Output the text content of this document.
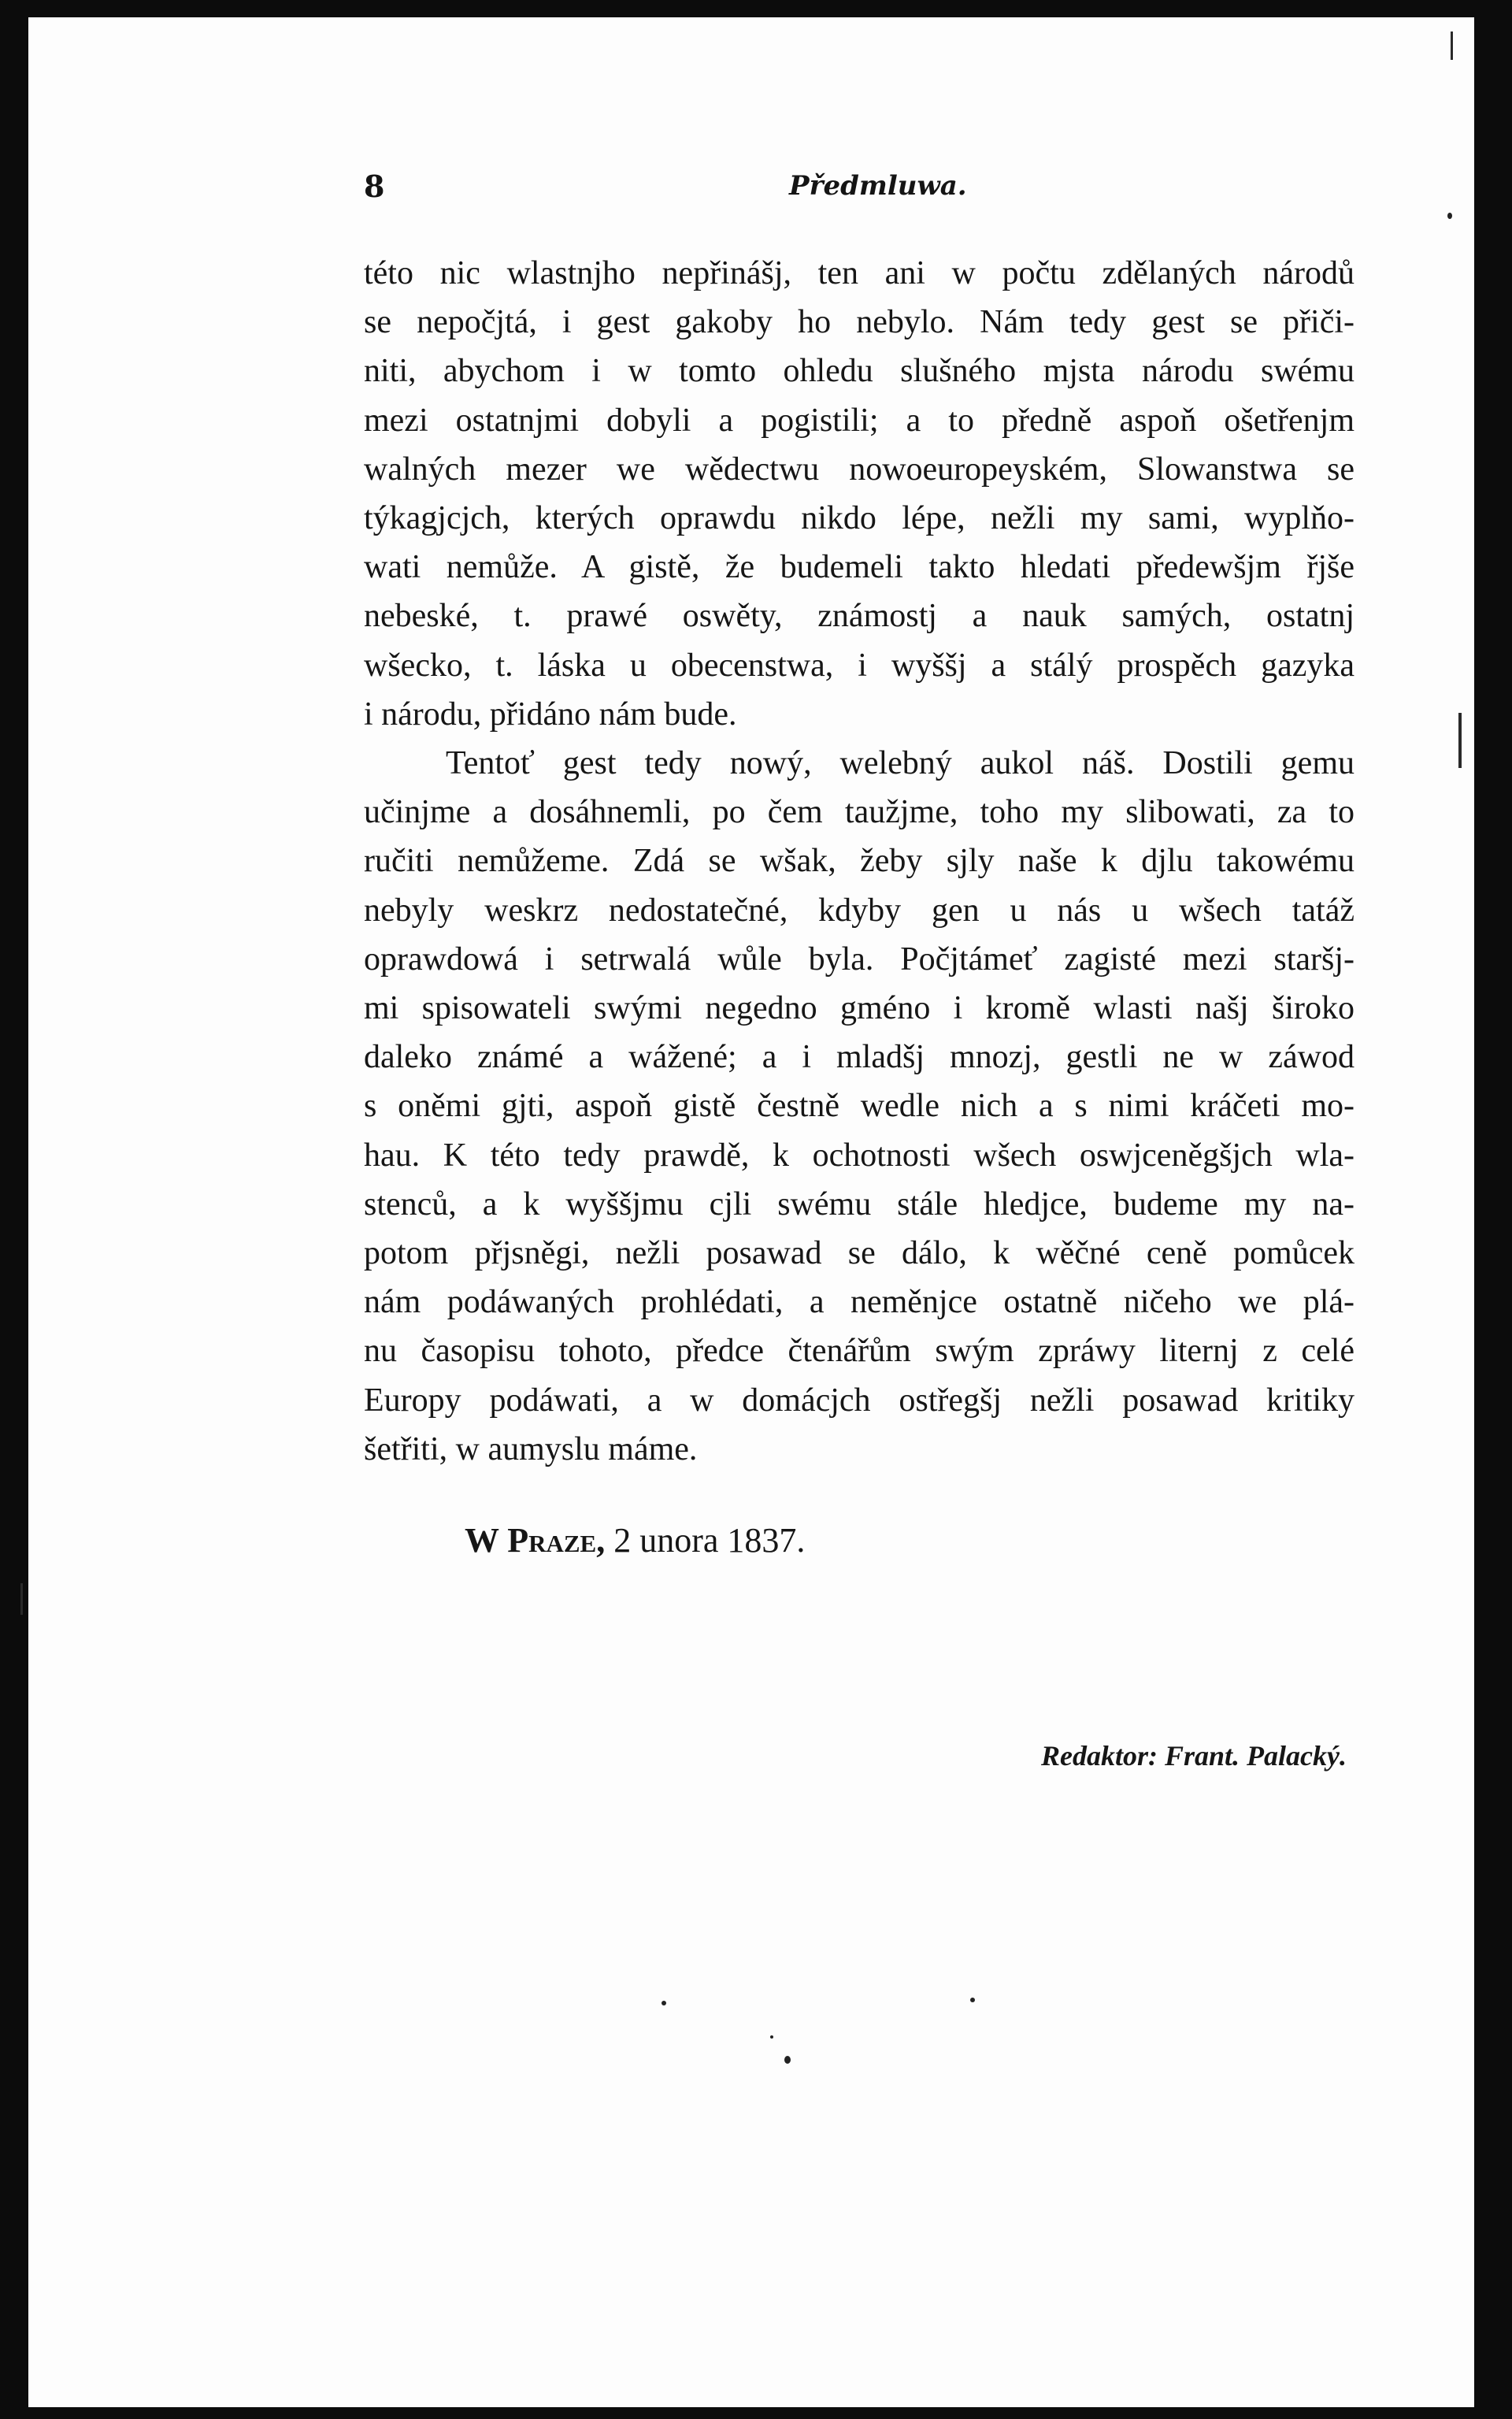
8	Předmluwa.
této nic wlastnjho nepřinášj, ten ani w počtu zdělaných národů
se nepočjtá, i gest gakoby ho nebylo. Nám tedy gest se přiči-
niti, abychom i w tomto ohledu slušného mjsta národu swému
mezi ostatnjmi dobyli a pogistili; a to předně aspoň ošetřenjm
walných mezer we wědectwu nowoeuropeyském, Slowanstwa se
týkagjcjch, kterých oprawdu nikdo lépe, nežli my sami, wyplňo-
wati nemůže. A gistě, že budemeli takto hledati předewšjm řjše
nebeské, t. prawé oswěty, známostj a nauk samých, ostatnj
wšecko, t. láska u obecenstwa, i wyššj a stálý prospěch gazyka
i národu, přidáno nám bude.
Tentoť gest tedy nowý, welebný aukol náš. Dostili gemu
učinjme a dosáhnemli, po čem taužjme, toho my slibowati, za to
ručiti nemůžeme. Zdá se wšak, žeby sjly naše k djlu takowému
nebyly weskrz nedostatečné, kdyby gen u nás u wšech tatáž
oprawdowá i setrwalá wůle byla. Počjtámeť zagisté mezi staršj-
mi spisowateli swými negedno gméno i kromě wlasti našj široko
daleko známé a wážené; a i mladšj mnozj, gestli ne w záwod
s oněmi gjti, aspoň gistě čestně wedle nich a s nimi kráčeti mo-
hau. K této tedy prawdě, k ochotnosti wšech oswjceněgšjch wla-
stenců, a k wyššjmu cjli swému stále hledjce, budeme my na-
potom přjsněgi, nežli posawad se dálo, k wěčné ceně pomůcek
nám podáwaných prohlédati, a neměnjce ostatně ničeho we plá-
nu časopisu tohoto, předce čtenářům swým zpráwy liternj z celé
Europy podáwati, a w domácjch ostřegšj nežli posawad kritiky
šetřiti, w aumyslu máme.
W Praze, 2 unora 1837.
Redaktor: Frant. Palacký.
